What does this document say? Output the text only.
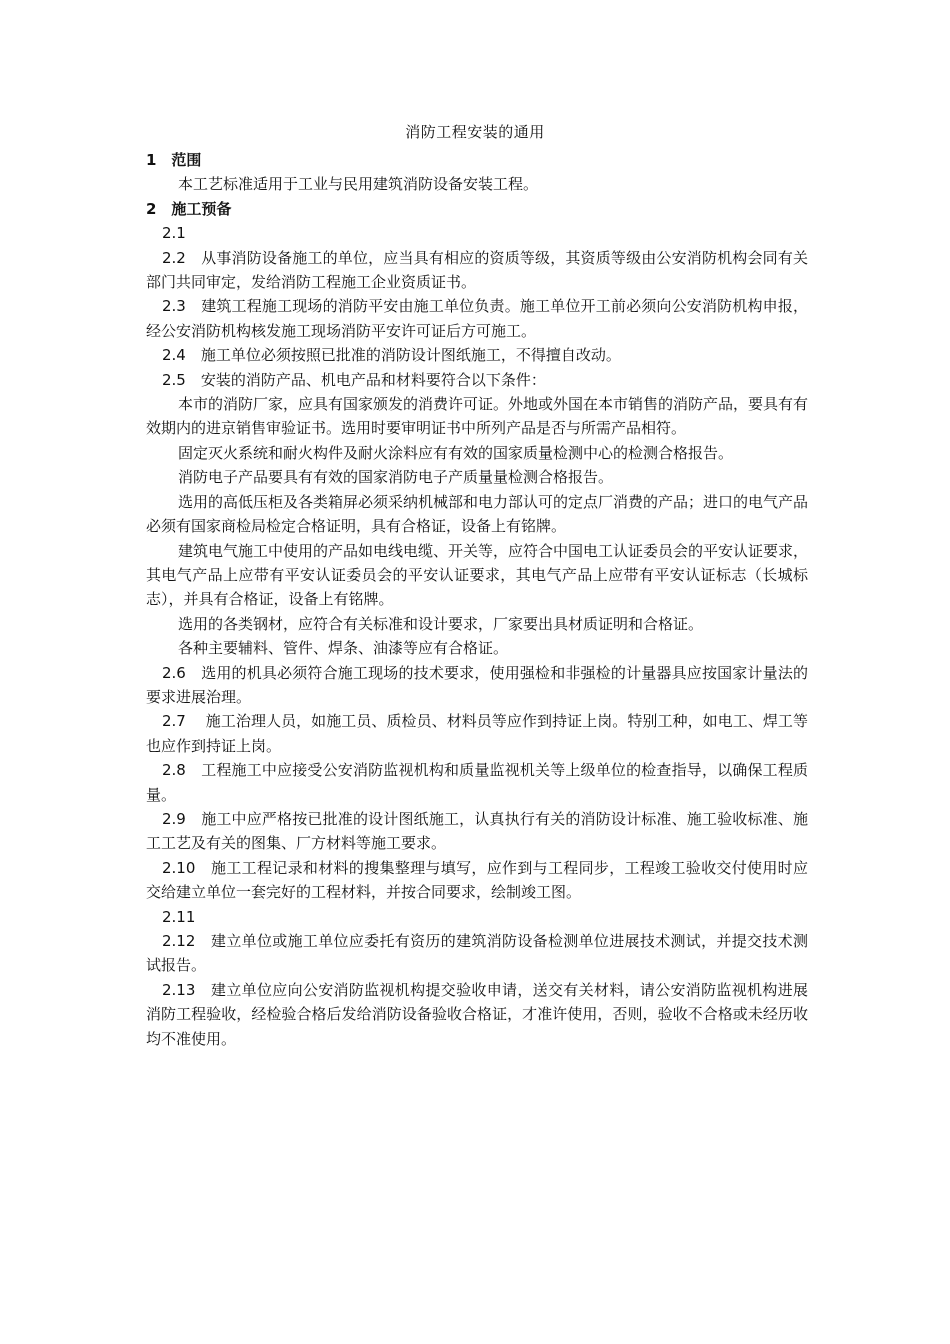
消防工程安装的通用

1　范围

本工艺标准适用于工业与民用建筑消防设备安装工程。

2　施工预备

2.1

2.2　从事消防设备施工的单位，应当具有相应的资质等级，其资质等级由公安消防机构会同有关部门共同审定，发给消防工程施工企业资质证书。

2.3　建筑工程施工现场的消防平安由施工单位负责。施工单位开工前必须向公安消防机构申报，经公安消防机构核发施工现场消防平安许可证后方可施工。

2.4　施工单位必须按照已批准的消防设计图纸施工，不得擅自改动。

2.5　安装的消防产品、机电产品和材料要符合以下条件：

本市的消防厂家，应具有国家颁发的消费许可证。外地或外国在本市销售的消防产品，要具有有效期内的进京销售审验证书。选用时要审明证书中所列产品是否与所需产品相符。

固定灭火系统和耐火构件及耐火涂料应有有效的国家质量检测中心的检测合格报告。

消防电子产品要具有有效的国家消防电子产质量量检测合格报告。

选用的高低压柜及各类箱屏必须采纳机械部和电力部认可的定点厂消费的产品；进口的电气产品必须有国家商检局检定合格证明，具有合格证，设备上有铭牌。

建筑电气施工中使用的产品如电线电缆、开关等，应符合中国电工认证委员会的平安认证要求，其电气产品上应带有平安认证委员会的平安认证要求，其电气产品上应带有平安认证标志（长城标志），并具有合格证，设备上有铭牌。

选用的各类钢材，应符合有关标准和设计要求，厂家要出具材质证明和合格证。

各种主要辅料、管件、焊条、油漆等应有合格证。

2.6　选用的机具必须符合施工现场的技术要求，使用强检和非强检的计量器具应按国家计量法的要求进展治理。

2.7　 施工治理人员，如施工员、质检员、材料员等应作到持证上岗。特别工种，如电工、焊工等也应作到持证上岗。

2.8　工程施工中应接受公安消防监视机构和质量监视机关等上级单位的检查指导，以确保工程质量。

2.9　施工中应严格按已批准的设计图纸施工，认真执行有关的消防设计标准、施工验收标准、施工工艺及有关的图集、厂方材料等施工要求。

2.10　施工工程记录和材料的搜集整理与填写，应作到与工程同步，工程竣工验收交付使用时应交给建立单位一套完好的工程材料，并按合同要求，绘制竣工图。

2.11

2.12　建立单位或施工单位应委托有资历的建筑消防设备检测单位进展技术测试，并提交技术测试报告。

2.13　建立单位应向公安消防监视机构提交验收申请，送交有关材料，请公安消防监视机构进展消防工程验收，经检验合格后发给消防设备验收合格证，才准许使用，否则，验收不合格或未经历收均不准使用。
